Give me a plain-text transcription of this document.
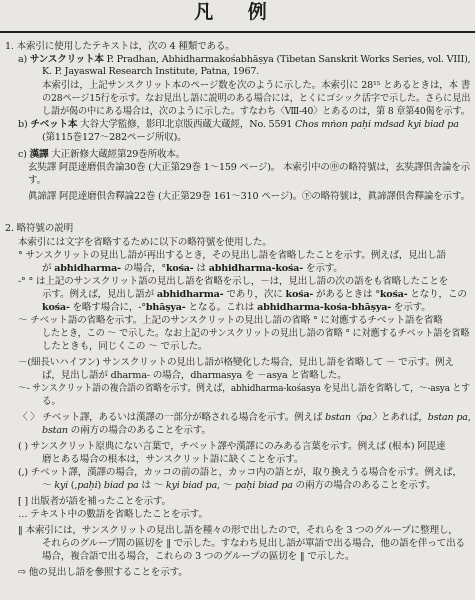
凡 例
1. 本索引に使用したテキストは，次の 4 種類である。
a) サンスクリット本 P. Pradhan, Abhidharmakośabhāṣya (Tibetan Sanskrit Works Series, vol. VIII),
K. P. Jayaswal Research Institute, Patna, 1967.
本索引は，上記サンスクリット本のページ数を次のように示した。本索引に 28¹⁵ とあるときは，本 書
の28ページ15行を示す。なお見出し語に説明のある場合には，とくにゴシック活字で示した。さらに見出
し語が偈の中にある場合は，次のように示した。すなわち〈Ⅷ-40〉とあるのは，第 8 章第40偈を示す。
b) チベット本 大谷大学監修，影印北京版西蔵大蔵經，No. 5591 Chos mṅon paḥi mdsad kyi biad pa
(第115巻127～282ページ所収)。
c) 漢譯 大正新修大蔵經第29巻所收本。
玄奘譯 阿毘達磨倶舎論30巻 (大正第29巻 1～159 ページ)。 本索引中の㊥の略符號は，玄奘譯倶舎論を示
す。
眞諦譯 阿毘達磨倶舎釋論22巻 (大正第29巻 161～310 ページ)。㊦の略符號は，眞諦譯倶舎釋論を示す。
2. 略符號の説明
本索引には文字を省略するために以下の略符號を使用した。
° サンスクリットの見出し語が再出するとき，その見出し語を省略したことを示す。例えば，見出し語
が abhidharma- の場合，°kośa- は abhidharma-kośa- を示す。
-° ° は上記のサンスクリット語の見出し語を省略を示し，－は，見出し語の次の語をも省略したことを
示す。例えば，見出し語が abhidharma- であり，次に kośa- があるときは °kośa- となり，この
kośa- を略す場合に，-°bhāṣya- となる。これは abhidharma-kośa-bhāṣya- を示す。
～ チベット語の省略を示す。上記のサンスクリットの見出し語の省略 ° に対應するチベット語を省略
したとき，この ～ で示した。なお上記のサンスクリットの見出し語の省略 ° に対應するチベット語を省略
したときも，同じくこの ～ で示した。
－(細長いハイフン) サンスクリットの見出し語が格變化した場合，見出し語を省略して － で示す。例え
ば，見出し語が dharma- の場合，dharmasya を －asya と省略した。
～- サンスクリット語の複合語の省略を示す。例えば，abhidharma-kośasya を見出し語を省略して，～-asya とす
る。
〈 〉 チベット譯，あるいは漢譯の一部分が略される場合を示す。例えば bstan〈pa〉とあれば，bstan pa,
bstan の兩方の場合のあることを示す。
( ) サンスクリット原典にない言葉で，チベット譯や漢譯にのみある言葉を示す。例えば (根本) 阿毘達
磨とある場合の根本は，サンスクリット語に缺くことを示す。
(,) チベット譯，漢譯の場合，カッコの前の語と，カッコ内の語とが，取り換えうる場合を示す。例えば，
～ kyi (,paḥi) biad pa は ～ kyi biad pa, ～ paḥi biad pa の兩方の場合のあることを示す。
[ ] 出版者が語を補ったことを示す。
… テキスト中の數語を省略したことを示す。
‖ 本索引には，サンスクリットの見出し語を種々の形で出したので，それらを 3 つのグループに整理し，
それらのグループ間の區切を ‖ で示した。すなわち見出し語が單語で出る場合，他の語を伴って出る
場合，複合語で出る場合，これらの 3 つのグループの區切を ‖ で示した。
⇨ 他の見出し語を參照することを示す。
